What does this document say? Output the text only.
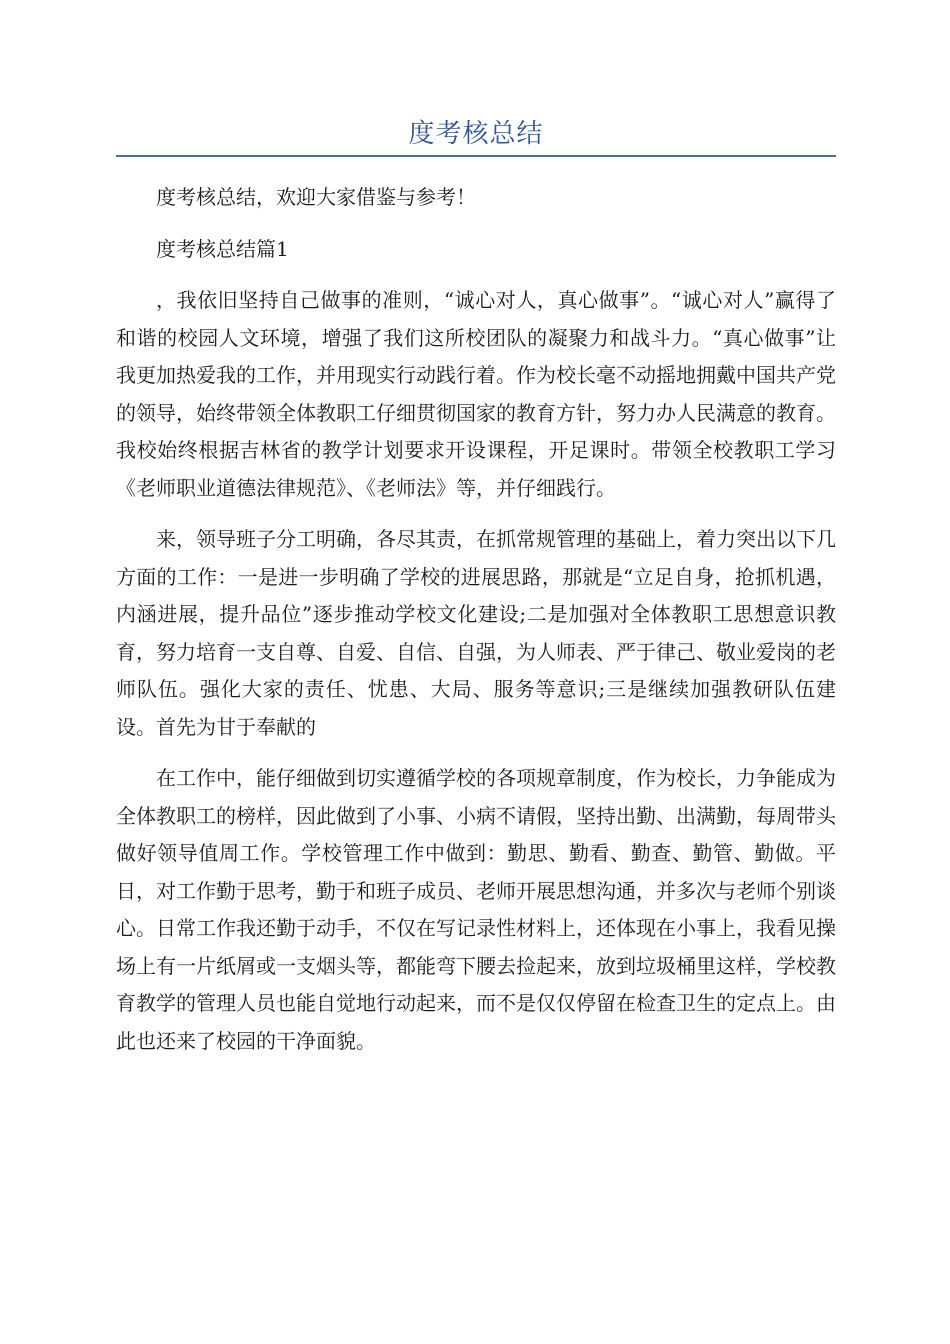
度考核总结

度考核总结，欢迎大家借鉴与参考！

度考核总结篇1

，我依旧坚持自己做事的准则，“诚心对人，真心做事”。“诚心对人”赢得了和谐的校园人文环境，增强了我们这所校团队的凝聚力和战斗力。“真心做事”让我更加热爱我的工作，并用现实行动践行着。作为校长毫不动摇地拥戴中国共产党的领导，始终带领全体教职工仔细贯彻国家的教育方针，努力办人民满意的教育。我校始终根据吉林省的教学计划要求开设课程，开足课时。带领全校教职工学习《老师职业道德法律规范》、《老师法》等，并仔细践行。

来，领导班子分工明确，各尽其责，在抓常规管理的基础上，着力突出以下几方面的工作：一是进一步明确了学校的进展思路，那就是“立足自身，抢抓机遇，内涵进展，提升品位”逐步推动学校文化建设;二是加强对全体教职工思想意识教育，努力培育一支自尊、自爱、自信、自强，为人师表、严于律己、敬业爱岗的老师队伍。强化大家的责任、忧患、大局、服务等意识;三是继续加强教研队伍建设。首先为甘于奉献的

在工作中，能仔细做到切实遵循学校的各项规章制度，作为校长，力争能成为全体教职工的榜样，因此做到了小事、小病不请假，坚持出勤、出满勤，每周带头做好领导值周工作。学校管理工作中做到：勤思、勤看、勤查、勤管、勤做。平日，对工作勤于思考，勤于和班子成员、老师开展思想沟通，并多次与老师个别谈心。日常工作我还勤于动手，不仅在写记录性材料上，还体现在小事上，我看见操场上有一片纸屑或一支烟头等，都能弯下腰去捡起来，放到垃圾桶里这样，学校教育教学的管理人员也能自觉地行动起来，而不是仅仅停留在检查卫生的定点上。由此也还来了校园的干净面貌。
